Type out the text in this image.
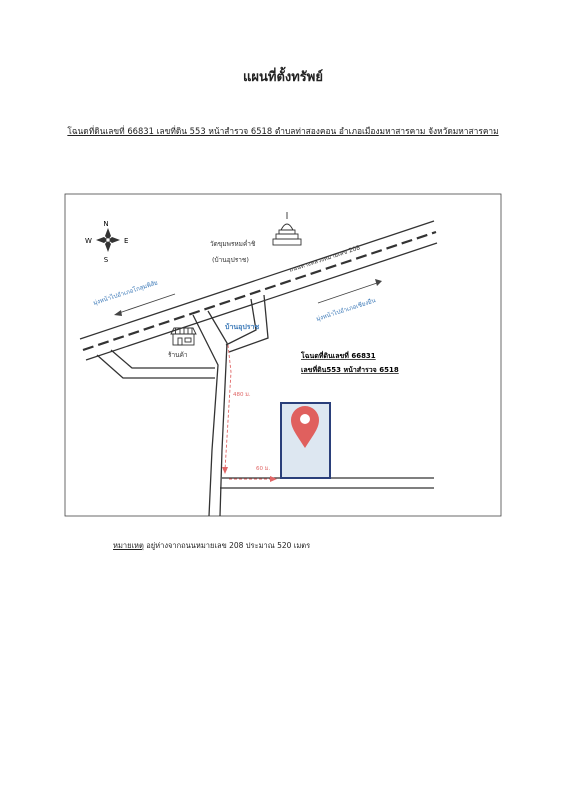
แผนที่ตั้งทรัพย์
โฉนดที่ดินเลขที่ 66831 เลขที่ดิน 553 หน้าสำรวจ 6518 ตำบลท่าสองคอน อำเภอเมืองมหาสารคาม จังหวัดมหาสารคาม
N
S
E
W	วัดขุมพรหมค่ำชิ
(บ้านอุปราช)	ถนนทางหลวงหมายเลข 208
มุ่งหน้าไปอำเภอโกสุมพิสัย
มุ่งหน้าไปอำเภอเชียงยืน
ร้านค้า
บ้านอุปราช
โฉนดที่ดินเลขที่ 66831
เลขที่ดิน553 หน้าสำรวจ 6518
480 ม.
60 ม.
หมายเหตุ อยู่ห่างจากถนนหมายเลข 208 ประมาณ 520 เมตร
